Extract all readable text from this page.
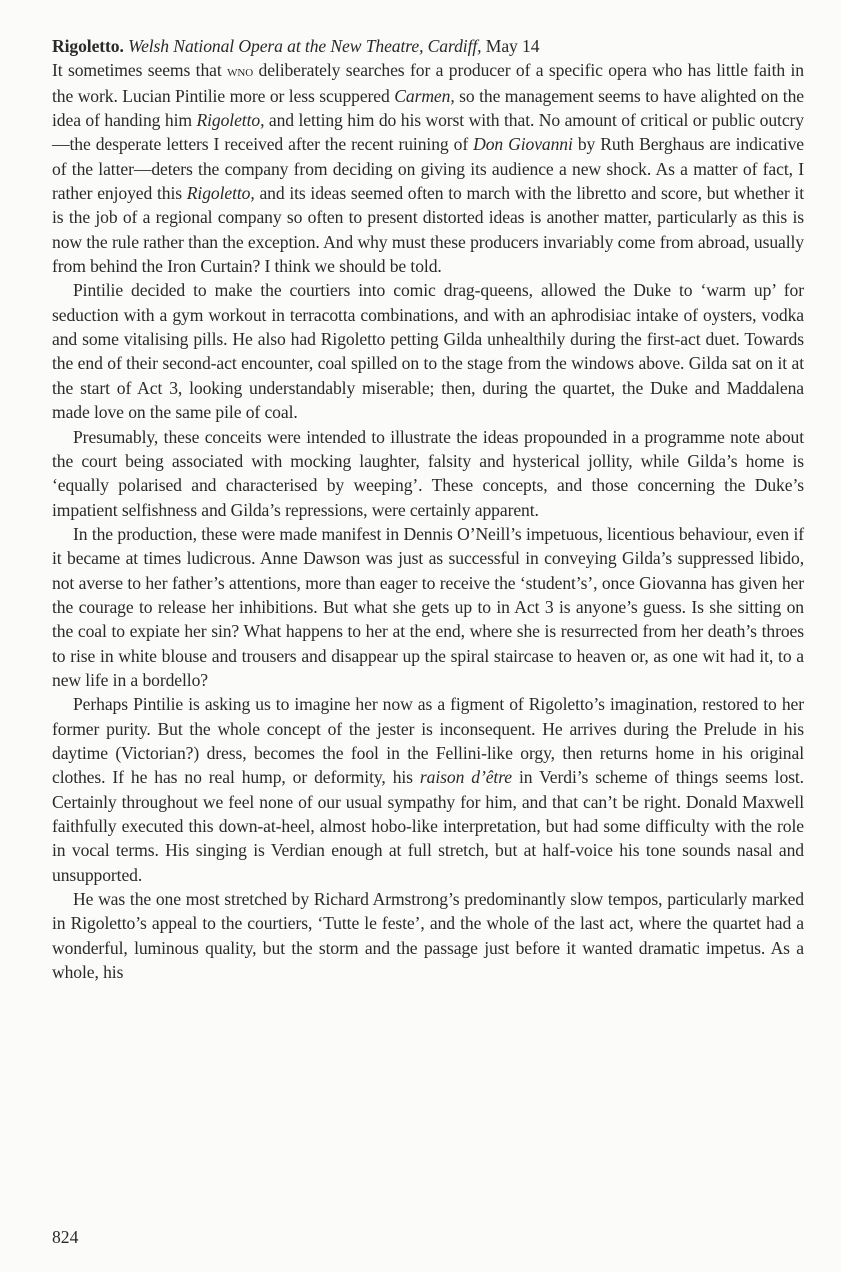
Rigoletto. Welsh National Opera at the New Theatre, Cardiff, May 14

It sometimes seems that wno deliberately searches for a producer of a specific opera who has little faith in the work. Lucian Pintilie more or less scuppered Carmen, so the management seems to have alighted on the idea of handing him Rigoletto, and letting him do his worst with that. No amount of critical or public outcry—the desperate letters I received after the recent ruining of Don Giovanni by Ruth Berghaus are indicative of the latter—deters the company from deciding on giving its audience a new shock. As a matter of fact, I rather enjoyed this Rigoletto, and its ideas seemed often to march with the libretto and score, but whether it is the job of a regional company so often to present distorted ideas is another matter, particularly as this is now the rule rather than the exception. And why must these producers invariably come from abroad, usually from behind the Iron Curtain? I think we should be told.

Pintilie decided to make the courtiers into comic drag-queens, allowed the Duke to ‘warm up’ for seduction with a gym workout in terracotta combinations, and with an aphrodisiac intake of oysters, vodka and some vitalising pills. He also had Rigoletto petting Gilda unhealthily during the first-act duet. Towards the end of their second-act encounter, coal spilled on to the stage from the windows above. Gilda sat on it at the start of Act 3, looking understandably miserable; then, during the quartet, the Duke and Maddalena made love on the same pile of coal.

Presumably, these conceits were intended to illustrate the ideas propounded in a programme note about the court being associated with mocking laughter, falsity and hysterical jollity, while Gilda’s home is ‘equally polarised and characterised by weeping’. These concepts, and those concerning the Duke’s impatient selfishness and Gilda’s repressions, were certainly apparent.

In the production, these were made manifest in Dennis O’Neill’s impetuous, licentious behaviour, even if it became at times ludicrous. Anne Dawson was just as successful in conveying Gilda’s suppressed libido, not averse to her father’s attentions, more than eager to receive the ‘student’s’, once Giovanna has given her the courage to release her inhibitions. But what she gets up to in Act 3 is anyone’s guess. Is she sitting on the coal to expiate her sin? What happens to her at the end, where she is resurrected from her death’s throes to rise in white blouse and trousers and disappear up the spiral staircase to heaven or, as one wit had it, to a new life in a bordello?

Perhaps Pintilie is asking us to imagine her now as a figment of Rigoletto’s imagination, restored to her former purity. But the whole concept of the jester is inconsequent. He arrives during the Prelude in his daytime (Victorian?) dress, becomes the fool in the Fellini-like orgy, then returns home in his original clothes. If he has no real hump, or deformity, his raison d’être in Verdi’s scheme of things seems lost. Certainly throughout we feel none of our usual sympathy for him, and that can’t be right. Donald Maxwell faithfully executed this down-at-heel, almost hobo-like interpretation, but had some difficulty with the role in vocal terms. His singing is Verdian enough at full stretch, but at half-voice his tone sounds nasal and unsupported.

He was the one most stretched by Richard Armstrong’s predominantly slow tempos, particularly marked in Rigoletto’s appeal to the courtiers, ‘Tutte le feste’, and the whole of the last act, where the quartet had a wonderful, luminous quality, but the storm and the passage just before it wanted dramatic impetus. As a whole, his

824
